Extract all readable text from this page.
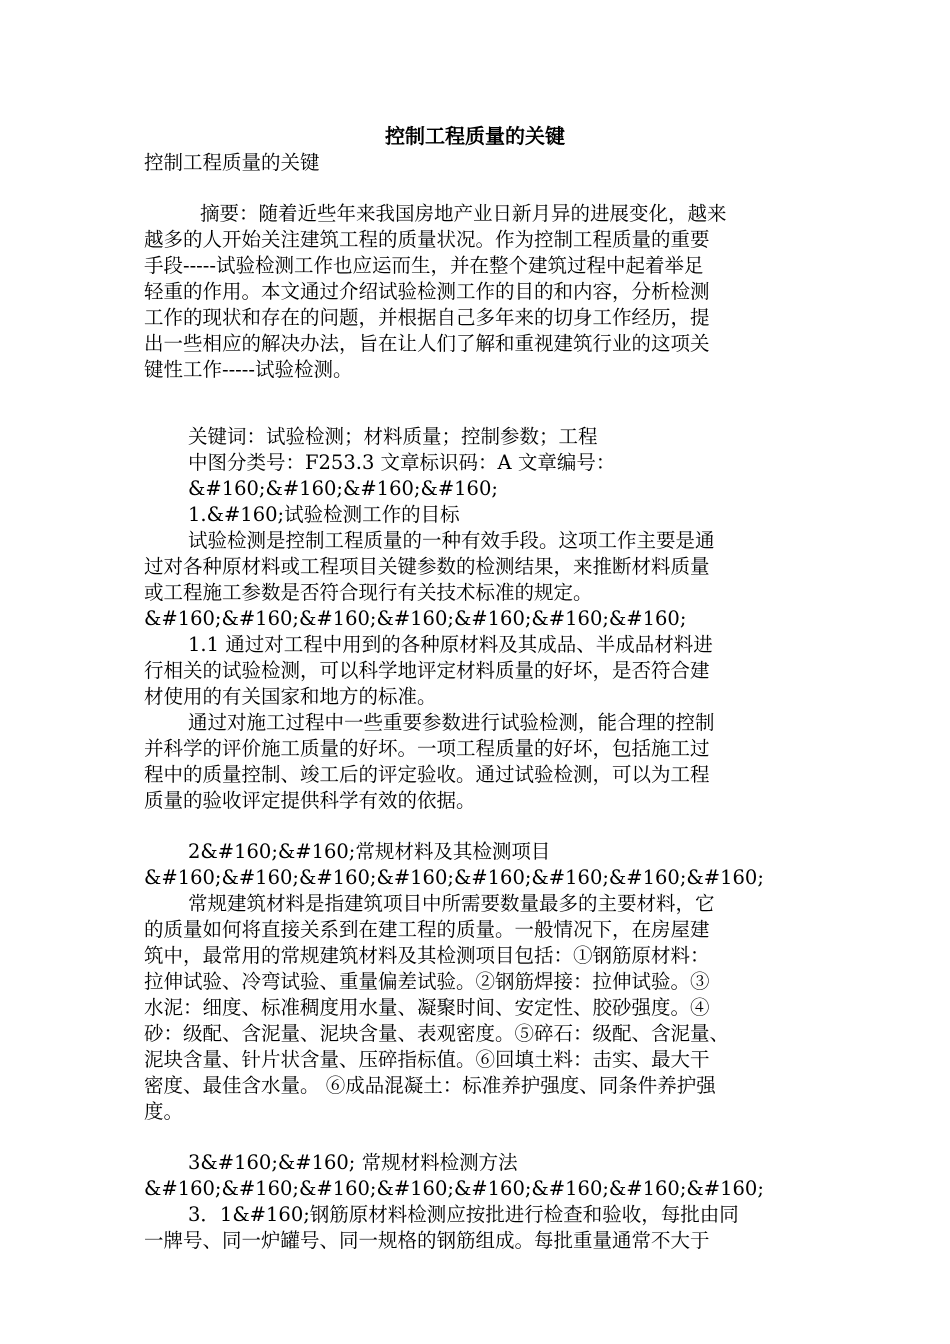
控制工程质量的关键
控制工程质量的关键
摘要：随着近些年来我国房地产业日新月异的进展变化，越来
越多的人开始关注建筑工程的质量状况。作为控制工程质量的重要
手段-----试验检测工作也应运而生，并在整个建筑过程中起着举足
轻重的作用。本文通过介绍试验检测工作的目的和内容，分析检测
工作的现状和存在的问题，并根据自己多年来的切身工作经历，提
出一些相应的解决办法，旨在让人们了解和重视建筑行业的这项关
键性工作-----试验检测。
关键词：试验检测；材料质量；控制参数；工程
中图分类号：F253.3 文章标识码：A 文章编号：
&#160;&#160;&#160;&#160;
1.&#160;试验检测工作的目标
试验检测是控制工程质量的一种有效手段。这项工作主要是通
过对各种原材料或工程项目关键参数的检测结果，来推断材料质量
或工程施工参数是否符合现行有关技术标准的规定。
&#160;&#160;&#160;&#160;&#160;&#160;&#160;
1.1 通过对工程中用到的各种原材料及其成品、半成品材料进
行相关的试验检测，可以科学地评定材料质量的好坏，是否符合建
材使用的有关国家和地方的标准。
通过对施工过程中一些重要参数进行试验检测，能合理的控制
并科学的评价施工质量的好坏。一项工程质量的好坏，包括施工过
程中的质量控制、竣工后的评定验收。通过试验检测，可以为工程
质量的验收评定提供科学有效的依据。
2&#160;&#160;常规材料及其检测项目
&#160;&#160;&#160;&#160;&#160;&#160;&#160;&#160;
常规建筑材料是指建筑项目中所需要数量最多的主要材料，它
的质量如何将直接关系到在建工程的质量。一般情况下，在房屋建
筑中，最常用的常规建筑材料及其检测项目包括：①钢筋原材料：
拉伸试验、冷弯试验、重量偏差试验。②钢筋焊接：拉伸试验。③
水泥：细度、标准稠度用水量、凝聚时间、安定性、胶砂强度。④
砂：级配、含泥量、泥块含量、表观密度。⑤碎石：级配、含泥量、
泥块含量、针片状含量、压碎指标值。⑥回填土料：击实、最大干
密度、最佳含水量。 ⑥成品混凝土：标准养护强度、同条件养护强
度。
3&#160;&#160; 常规材料检测方法
&#160;&#160;&#160;&#160;&#160;&#160;&#160;&#160;
3．1&#160;钢筋原材料检测应按批进行检查和验收，每批由同
一牌号、同一炉罐号、同一规格的钢筋组成。每批重量通常不大于
